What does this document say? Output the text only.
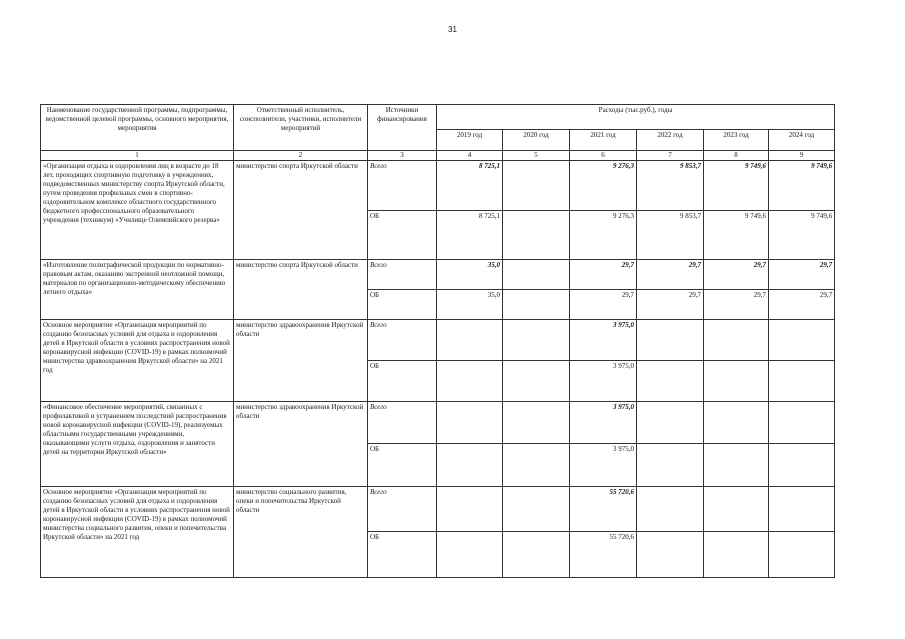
31
Наименование государственной программы, подпрограммы, ведомственной целевой программы, основного мероприятия, мероприятия	Ответственный исполнитель, соисполнители, участники, исполнители мероприятий	Источники финансирования	Расходы (тыс.руб.), годы					
			2019 год	2020 год	2021 год	2022 год	2023 год	2024 год
1	2	3	4	5	6	7	8	9
«Организация отдыха и оздоровления лиц в возрасте до 18 лет, проходящих спортивную подготовку в учреждениях, подведомственных министерству спорта Иркутской области, путем проведения профильных смен в спортивно-оздоровительном комплексе областного государственного бюджетного профессионального образовательного учреждения (техникум) «Училище Олимпийского резерва»	министерство спорта Иркутской области	Всего	8 725,1		9 276,3	9 853,7	9 749,6	9 749,6
		ОБ	8 725,1		9 276,3	9 853,7	9 749,6	9 749,6
«Изготовление полиграфической продукции по нормативно-правовым актам, оказанию экстренной неотложной помощи, материалов по организационно-методическому обеспечению летнего отдыха»	министерство спорта Иркутской области	Всего	35,0		29,7	29,7	29,7	29,7
		ОБ	35,0		29,7	29,7	29,7	29,7
Основное мероприятие «Организация мероприятий по созданию безопасных условий для отдыха и оздоровления детей в Иркутской области в условиях распространения новой коронавирусной инфекции (COVID-19) в рамках полномочий министерства здравоохранения Иркутской области» на 2021 год	министерство здравоохранения Иркутской области	Всего			3 975,0			
		ОБ			3 975,0			
«Финансовое обеспечение мероприятий, связанных с профилактикой и устранением последствий распространения новой коронавирусной инфекции (COVID-19), реализуемых областными государственными учреждениями, оказывающими услуги отдыха, оздоровления и занятости детей на территории Иркутской области»	министерство здравоохранения Иркутской области	Всего			3 975,0			
		ОБ			3 975,0			
Основное мероприятие «Организация мероприятий по созданию безопасных условий для отдыха и оздоровления детей в Иркутской области в условиях распространения новой коронавирусной инфекции (COVID-19) в рамках полномочий министерства социального развития, опеки и попечительства Иркутской области» на 2021 год	министерство социального развития, опеки и попечительства Иркутской области	Всего			55 720,6			
		ОБ			55 720,6			
